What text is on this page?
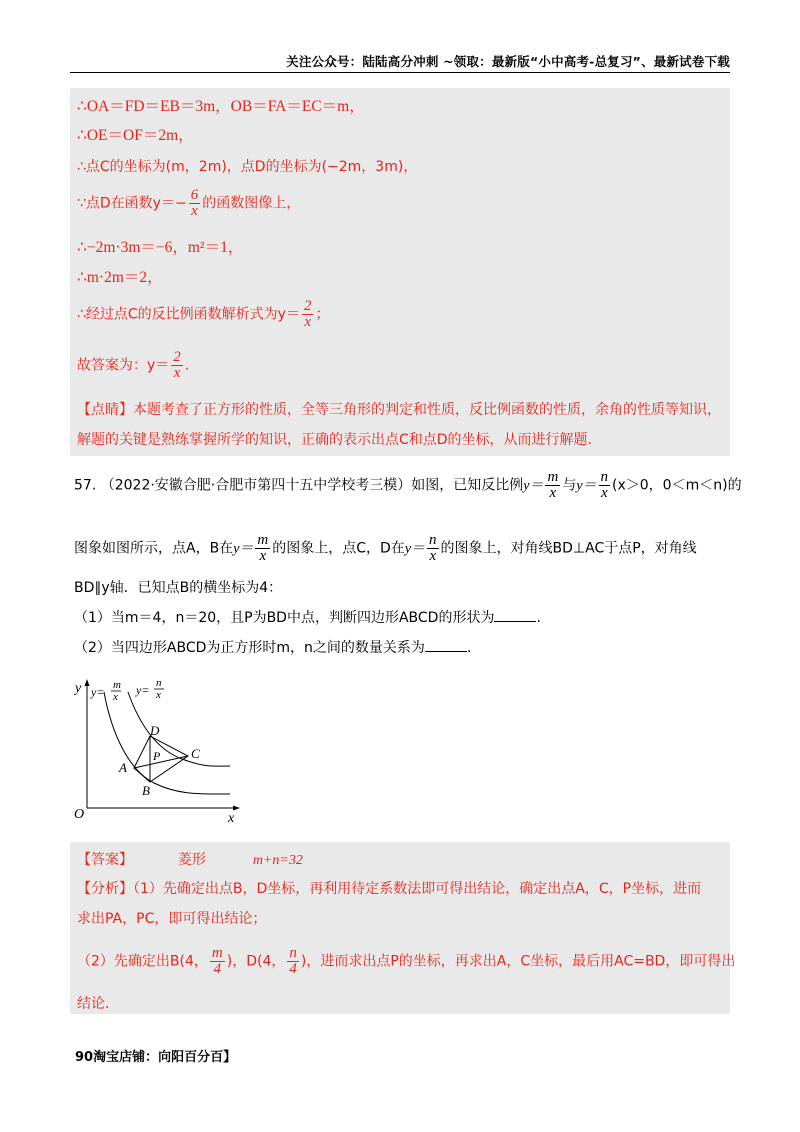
关注公众号：陆陆高分冲刺 ~领取：最新版“小中高考-总复习”、最新试卷下载
∴OA＝FD＝EB＝3m，OB＝FA＝EC＝m，
∴OE＝OF＝2m，
∴点C的坐标为(m，2m)，点D的坐标为(−2m，3m)，
∵点D在函数$y=- \frac{6}{x}$ 的函数图像上，
∴−2m·3m＝−6，m²＝1，
∴m·2m＝2，
∴经过点C的反比例函数解析式为$y= \frac{2}{x}$ ；
故答案为：$y= \frac{2}{x}$ .
【点睛】本题考查了正方形的性质，全等三角形的判定和性质，反比例函数的性质，余角的性质等知识，
解题的关键是熟练掌握所学的知识，正确的表示出点C和点D的坐标，从而进行解题.
57. （2022·安徽合肥·合肥市第四十五中学校考三模）如图，已知反比例$y= \frac{m}{x}$ 与$y= \frac{n}{x} (x>0$，0＜m＜n)的
图象如图所示，点A，B在$y= \frac{m}{x}$ 的图象上，点C，D在$y= \frac{n}{x}$ 的图象上，对角线BD⊥AC于点P，对角线
BD∥y轴．已知点B的横坐标为4：
（1）当m＝4，n＝20，且P为BD中点，判断四边形ABCD的形状为	.
（2）当四边形ABCD为正方形时m，n之间的数量关系为	.
y
x
O
y= m
x y= n
x
A
B
C
D
P
【答案】	菱形	m+n=32
【分析】（1）先确定出点B，D坐标，再利用待定系数法即可得出结论，确定出点A，C，P坐标，进而
求出PA，PC，即可得出结论；
（2）先确定出B(4， $\frac{m}{4}$ )，D(4， $\frac{n}{4}$ )，进而求出点P的坐标，再求出A，C坐标，最后用AC=BD，即可得出
结论.
90淘宝店铺：向阳百分百】
